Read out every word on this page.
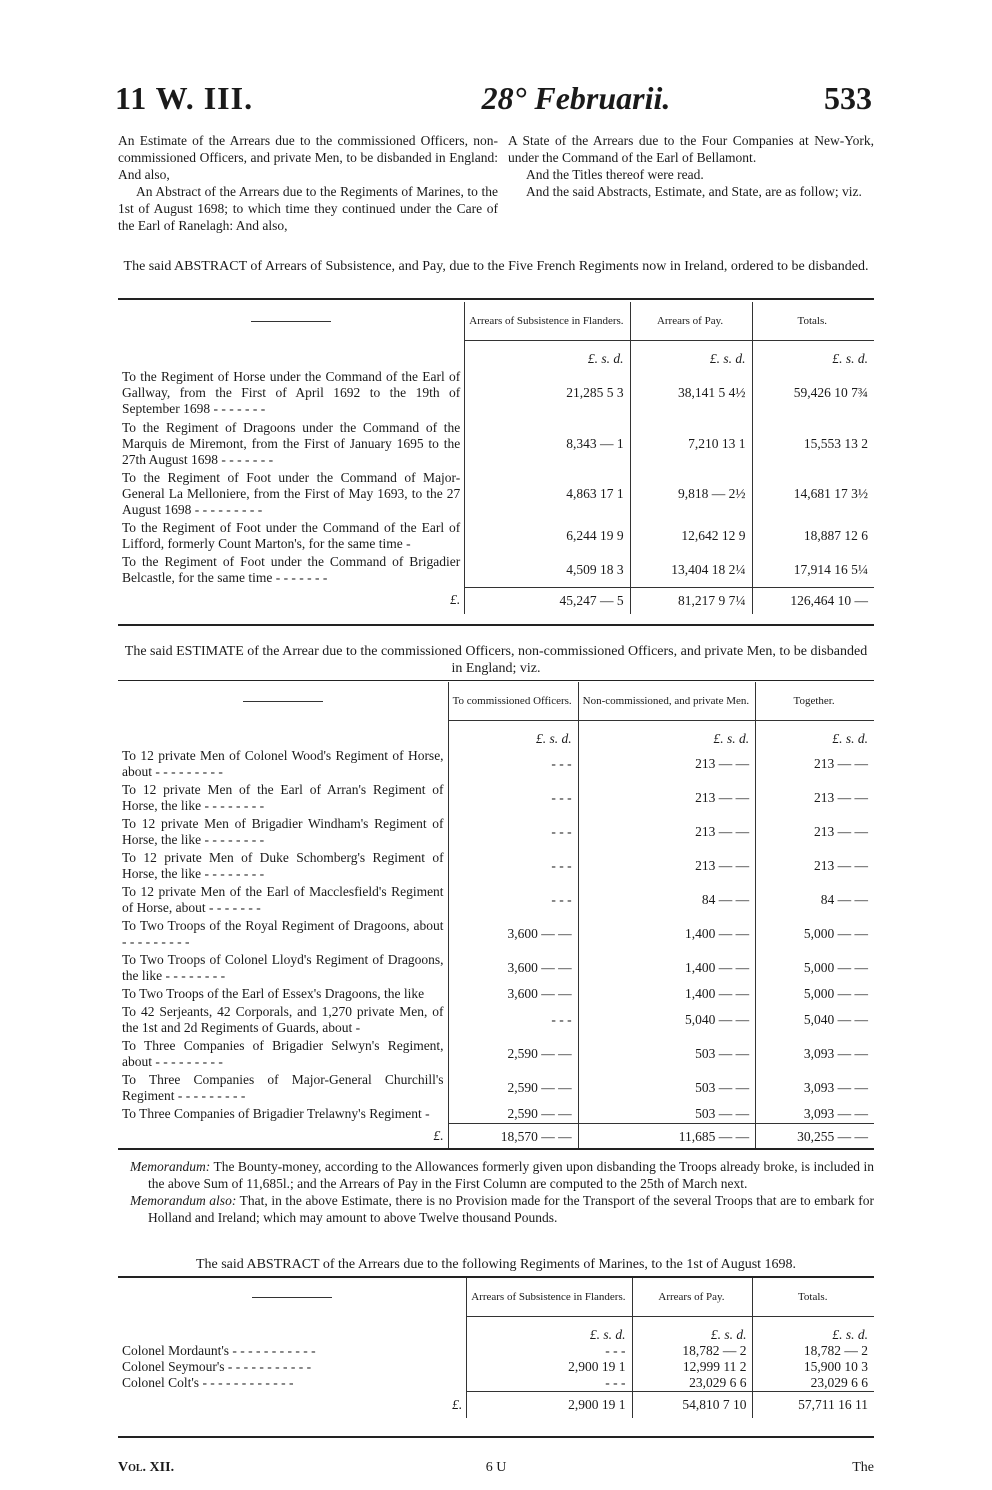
11 W. III.	28° Februarii.	533

An Estimate of the Arrears due to the commissioned Officers, non-commissioned Officers, and private Men, to be disbanded in England: And also,

An Abstract of the Arrears due to the Regiments of Marines, to the 1st of August 1698; to which time they continued under the Care of the Earl of Ranelagh: And also,

A State of the Arrears due to the Four Companies at New-York, under the Command of the Earl of Bellamont.

And the Titles thereof were read.

And the said Abstracts, Estimate, and State, are as follow; viz.

The said ABSTRACT of Arrears of Subsistence, and Pay, due to the Five French Regiments now in Ireland, ordered to be disbanded.
	Arrears of Subsistence in Flanders.	Arrears of Pay.	Totals.
	£. s. d.	£. s. d.	£. s. d.
To the Regiment of Horse under the Command of the Earl of Gallway, from the First of April 1692 to the 19th of September 1698 - - - - - - -	21,285 5 3	38,141 5 4½	59,426 10 7¾
To the Regiment of Dragoons under the Command of the Marquis de Miremont, from the First of January 1695 to the 27th August 1698 - - - - - - -	8,343 — 1	7,210 13 1	15,553 13 2
To the Regiment of Foot under the Command of Major-General La Melloniere, from the First of May 1693, to the 27 August 1698 - - - - - - - - -	4,863 17 1	9,818 — 2½	14,681 17 3½
To the Regiment of Foot under the Command of the Earl of Lifford, formerly Count Marton's, for the same time -	6,244 19 9	12,642 12 9	18,887 12 6
To the Regiment of Foot under the Command of Brigadier Belcastle, for the same time - - - - - - -	4,509 18 3	13,404 18 2¼	17,914 16 5¼
£.	45,247 — 5	81,217 9 7¼	126,464 10 —
The said ESTIMATE of the Arrear due to the commissioned Officers, non-commissioned Officers, and private Men, to be disbanded in England; viz.
	To commissioned Officers.	Non-commissioned, and private Men.	Together.
	£. s. d.	£. s. d.	£. s. d.
To 12 private Men of Colonel Wood's Regiment of Horse, about - - - - - - - - -	- - -	213 — —	213 — —
To 12 private Men of the Earl of Arran's Regiment of Horse, the like - - - - - - - -	- - -	213 — —	213 — —
To 12 private Men of Brigadier Windham's Regiment of Horse, the like - - - - - - - -	- - -	213 — —	213 — —
To 12 private Men of Duke Schomberg's Regiment of Horse, the like - - - - - - - -	- - -	213 — —	213 — —
To 12 private Men of the Earl of Macclesfield's Regiment of Horse, about - - - - - - -	- - -	84 — —	84 — —
To Two Troops of the Royal Regiment of Dragoons, about - - - - - - - - -	3,600 — —	1,400 — —	5,000 — —
To Two Troops of Colonel Lloyd's Regiment of Dragoons, the like - - - - - - - -	3,600 — —	1,400 — —	5,000 — —
To Two Troops of the Earl of Essex's Dragoons, the like	3,600 — —	1,400 — —	5,000 — —
To 42 Serjeants, 42 Corporals, and 1,270 private Men, of the 1st and 2d Regiments of Guards, about -	- - -	5,040 — —	5,040 — —
To Three Companies of Brigadier Selwyn's Regiment, about - - - - - - - - -	2,590 — —	503 — —	3,093 — —
To Three Companies of Major-General Churchill's Regiment - - - - - - - - -	2,590 — —	503 — —	3,093 — —
To Three Companies of Brigadier Trelawny's Regiment -	2,590 — —	503 — —	3,093 — —
£.	18,570 — —	11,685 — —	30,255 — —

Memorandum: The Bounty-money, according to the Allowances formerly given upon disbanding the Troops already broke, is included in the above Sum of 11,685l.; and the Arrears of Pay in the First Column are computed to the 25th of March next.

Memorandum also: That, in the above Estimate, there is no Provision made for the Transport of the several Troops that are to embark for Holland and Ireland; which may amount to above Twelve thousand Pounds.

The said ABSTRACT of the Arrears due to the following Regiments of Marines, to the 1st of August 1698.
	Arrears of Subsistence in Flanders.	Arrears of Pay.	Totals.
	£. s. d.	£. s. d.	£. s. d.
Colonel Mordaunt's - - - - - - - - - - -	- - -	18,782 — 2	18,782 — 2
Colonel Seymour's - - - - - - - - - - -	2,900 19 1	12,999 11 2	15,900 10 3
Colonel Colt's - - - - - - - - - - - -	- - -	23,029 6 6	23,029 6 6
£.	2,900 19 1	54,810 7 10	57,711 16 11
Vol. XII.	6 U	The
